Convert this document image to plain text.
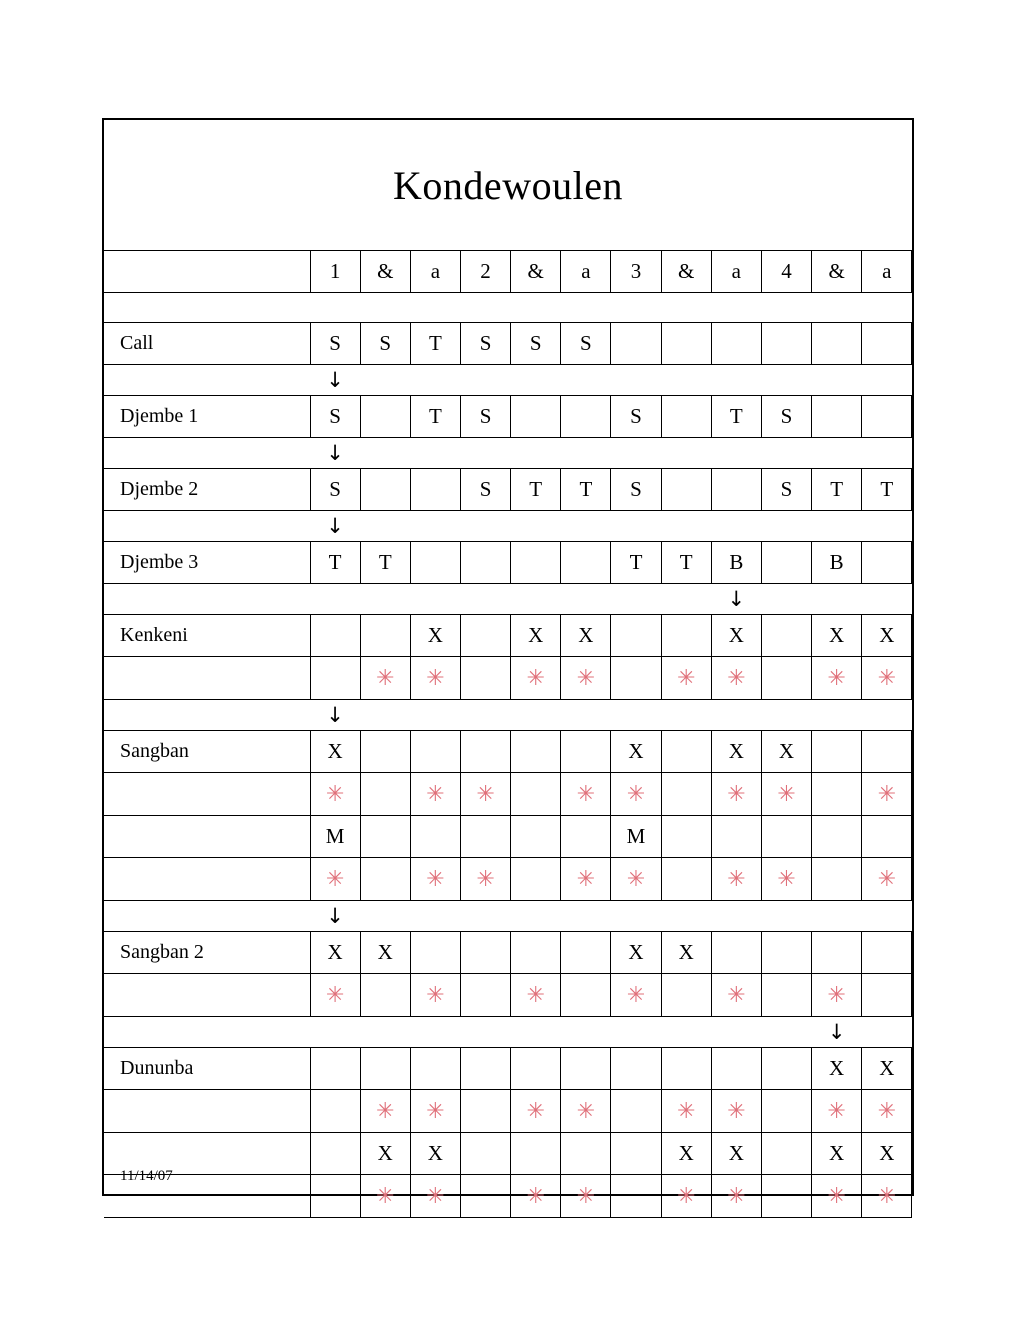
Kondewoulen
	1	&	a	2	&	a	3	&	a	4	&	a

Call	S	S	T	S	S	S						

	↓											

Djembe 1	S		T	S			S		T	S		

	↓											

Djembe 2	S			S	T	T	S			S	T	T

	↓											

Djembe 3	T	T					T	T	B		B	

									↓			

Kenkeni			X		X	X			X		X	X
		✳	✳		✳	✳		✳	✳		✳	✳

	↓											

Sangban	X						X		X	X		
	✳		✳	✳		✳	✳		✳	✳		✳
	M						M					
	✳		✳	✳		✳	✳		✳	✳		✳

	↓											

Sangban 2	X	X					X	X				
	✳		✳		✳		✳		✳		✳	

											↓	

Dununba											X	X
		✳	✳		✳	✳		✳	✳		✳	✳
		X	X					X	X		X	X
		✳	✳		✳	✳		✳	✳		✳	✳
11/14/07
